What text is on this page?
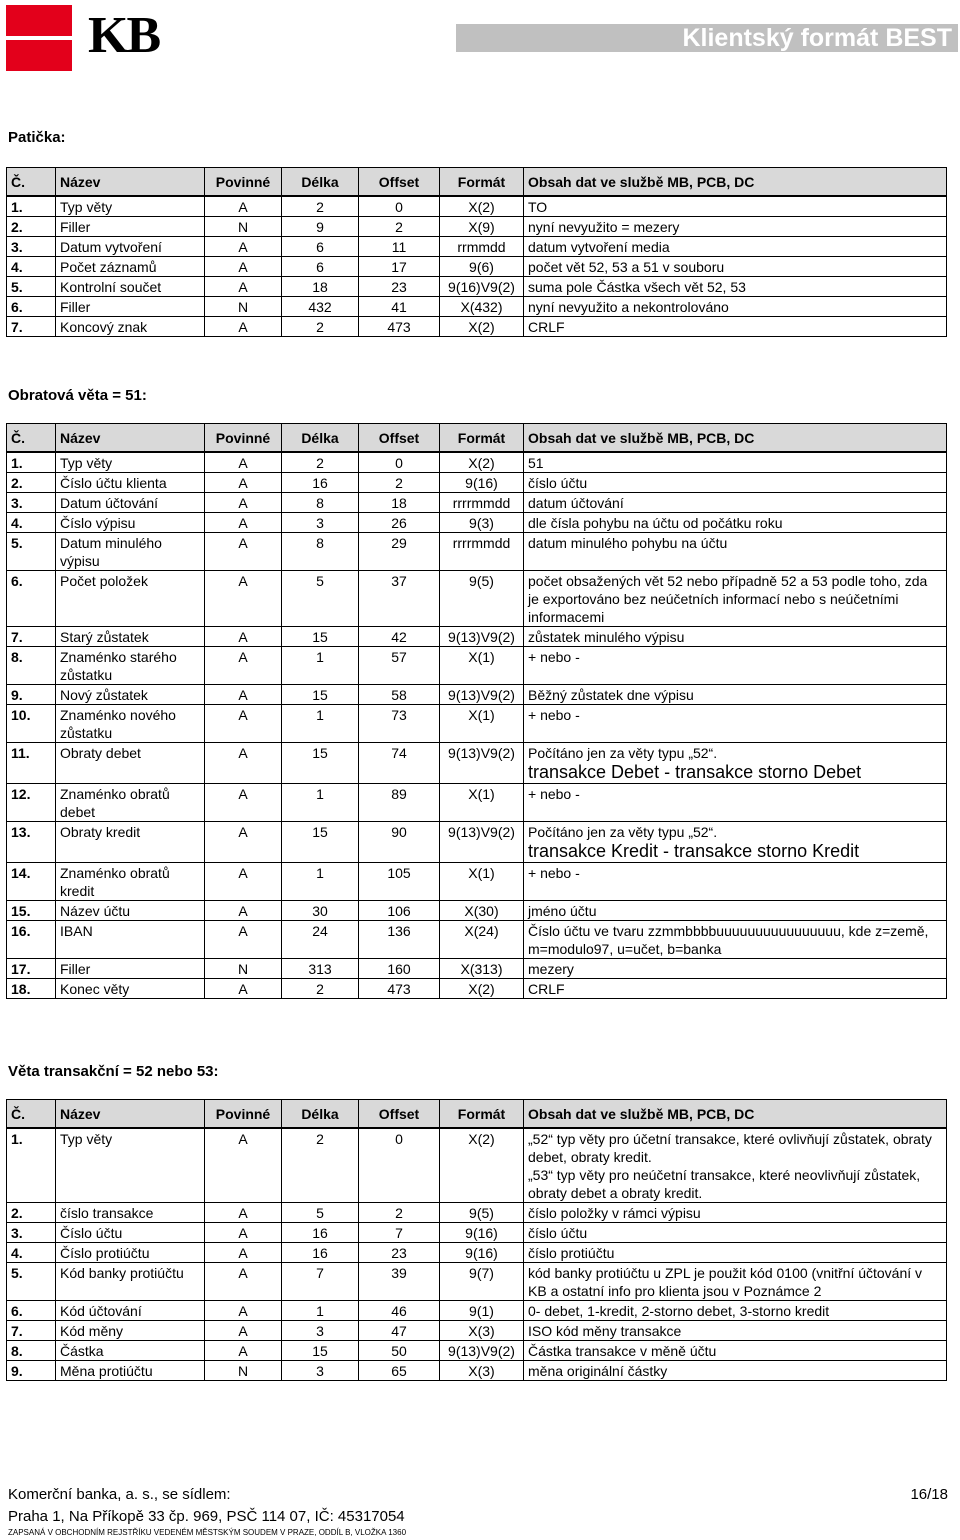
KB	Klientský formát BEST
Patička:
Č.	Název	Povinné	Délka	Offset	Formát	Obsah dat ve službě MB, PCB, DC
1.	Typ věty	A	2	0	X(2)	TO
2.	Filler	N	9	2	X(9)	nyní nevyužito = mezery
3.	Datum vytvoření	A	6	11	rrmmdd	datum vytvoření media
4.	Počet záznamů	A	6	17	9(6)	počet vět 52, 53 a 51 v souboru
5.	Kontrolní součet	A	18	23	9(16)V9(2)	suma pole Částka všech vět 52, 53
6.	Filler	N	432	41	X(432)	nyní nevyužito a nekontrolováno
7.	Koncový znak	A	2	473	X(2)	CRLF
Obratová věta = 51:
Č.	Název	Povinné	Délka	Offset	Formát	Obsah dat ve službě MB, PCB, DC
1.	Typ věty	A	2	0	X(2)	51
2.	Číslo účtu klienta	A	16	2	9(16)	číslo účtu
3.	Datum účtování	A	8	18	rrrrmmdd	datum účtování
4.	Číslo výpisu	A	3	26	9(3)	dle čísla pohybu na účtu od počátku roku
5.	Datum minulého výpisu	A	8	29	rrrrmmdd	datum minulého pohybu na účtu
6.	Počet položek	A	5	37	9(5)	počet obsažených vět 52 nebo případně 52 a 53 podle toho, zda je exportováno bez neúčetních informací nebo s neúčetními informacemi
7.	Starý zůstatek	A	15	42	9(13)V9(2)	zůstatek minulého výpisu
8.	Znaménko starého zůstatku	A	1	57	X(1)	+ nebo -
9.	Nový zůstatek	A	15	58	9(13)V9(2)	Běžný zůstatek dne výpisu
10.	Znaménko nového zůstatku	A	1	73	X(1)	+ nebo -
11.	Obraty debet	A	15	74	9(13)V9(2)	Počítáno jen za věty typu „52“.
transakce Debet - transakce storno Debet

12.	Znaménko obratů debet	A	1	89	X(1)	+ nebo -
13.	Obraty kredit	A	15	90	9(13)V9(2)	Počítáno jen za věty typu „52“.
transakce Kredit - transakce storno Kredit

14.	Znaménko obratů kredit	A	1	105	X(1)	+ nebo -
15.	Název účtu	A	30	106	X(30)	jméno účtu
16.	IBAN	A	24	136	X(24)	Číslo účtu ve tvaru zzmmbbbbuuuuuuuuuuuuuuuu, kde z=země, m=modulo97, u=učet, b=banka
17.	Filler	N	313	160	X(313)	mezery
18.	Konec věty	A	2	473	X(2)	CRLF
Věta transakční = 52 nebo 53:
Č.	Název	Povinné	Délka	Offset	Formát	Obsah dat ve službě MB, PCB, DC
1.	Typ věty	A	2	0	X(2)	„52“ typ věty pro účetní transakce, které ovlivňují zůstatek, obraty debet, obraty kredit.
„53“ typ věty pro neúčetní transakce, které neovlivňují zůstatek, obraty debet a obraty kredit.

2.	číslo transakce	A	5	2	9(5)	číslo položky v rámci výpisu
3.	Číslo účtu	A	16	7	9(16)	číslo účtu
4.	Číslo protiúčtu	A	16	23	9(16)	číslo protiúčtu
5.	Kód banky protiúčtu	A	7	39	9(7)	kód banky protiúčtu u ZPL je použit kód 0100 (vnitřní účtování v KB a ostatní info pro klienta jsou v Poznámce 2
6.	Kód účtování	A	1	46	9(1)	0- debet, 1-kredit, 2-storno debet, 3-storno kredit
7.	Kód měny	A	3	47	X(3)	ISO kód měny transakce
8.	Částka	A	15	50	9(13)V9(2)	Částka transakce v měně účtu
9.	Měna protiúčtu	N	3	65	X(3)	měna originální částky
Komerční banka, a. s., se sídlem:
Praha 1, Na Příkopě 33 čp. 969, PSČ 114 07, IČ: 45317054
ZAPSANÁ V OBCHODNÍM REJSTŘÍKU VEDENÉM MĚSTSKÝM SOUDEM V PRAZE, ODDÍL B, VLOŽKA 1360
16/18
